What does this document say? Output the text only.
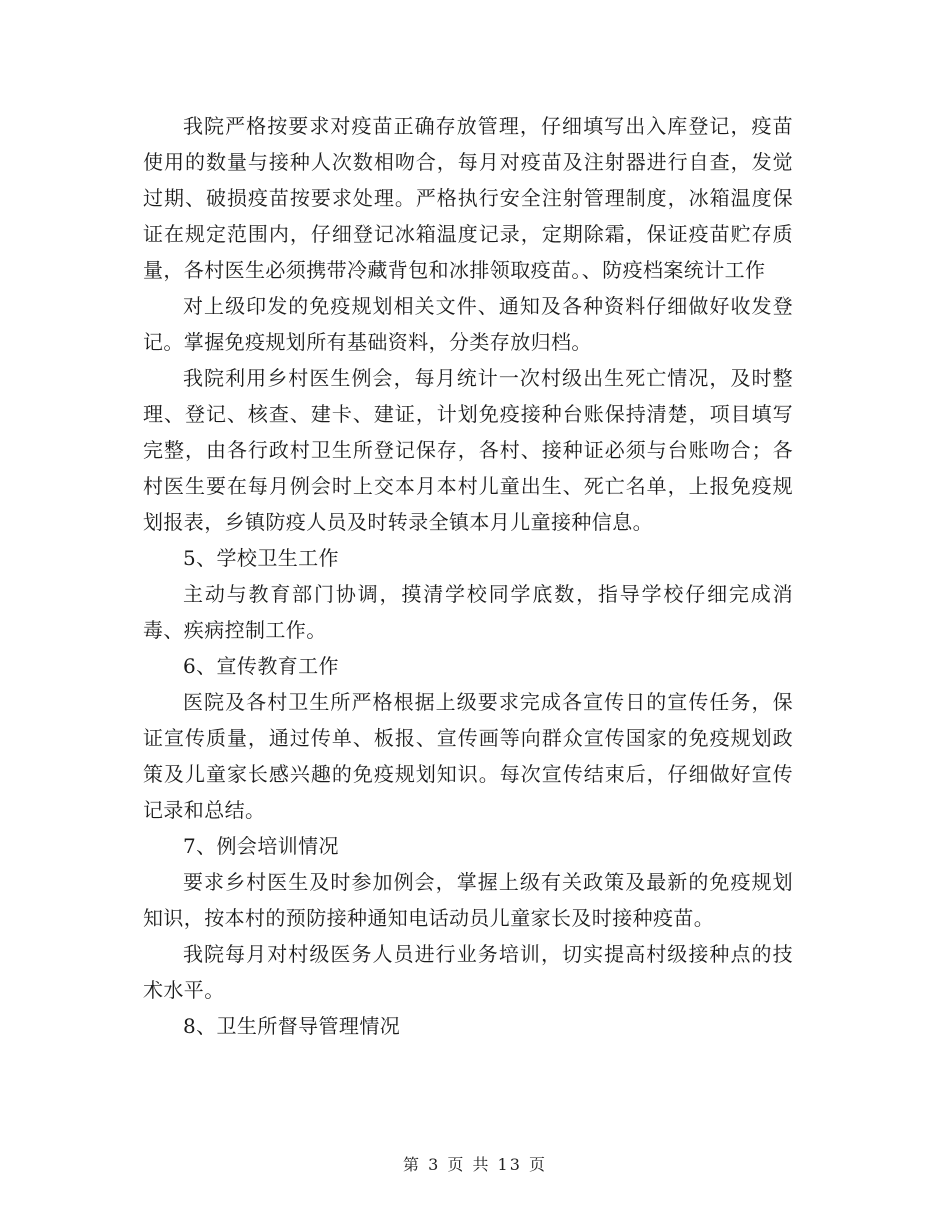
我院严格按要求对疫苗正确存放管理，仔细填写出入库登记，疫苗使用的数量与接种人次数相吻合，每月对疫苗及注射器进行自查，发觉过期、破损疫苗按要求处理。严格执行安全注射管理制度，冰箱温度保证在规定范围内，仔细登记冰箱温度记录，定期除霜，保证疫苗贮存质量，各村医生必须携带冷藏背包和冰排领取疫苗。、防疫档案统计工作

对上级印发的免疫规划相关文件、通知及各种资料仔细做好收发登记。掌握免疫规划所有基础资料，分类存放归档。

我院利用乡村医生例会，每月统计一次村级出生死亡情况，及时整理、登记、核查、建卡、建证，计划免疫接种台账保持清楚，项目填写完整，由各行政村卫生所登记保存，各村、接种证必须与台账吻合；各村医生要在每月例会时上交本月本村儿童出生、死亡名单，上报免疫规划报表，乡镇防疫人员及时转录全镇本月儿童接种信息。

5、学校卫生工作

主动与教育部门协调，摸清学校同学底数，指导学校仔细完成消毒、疾病控制工作。

6、宣传教育工作

医院及各村卫生所严格根据上级要求完成各宣传日的宣传任务，保证宣传质量，通过传单、板报、宣传画等向群众宣传国家的免疫规划政策及儿童家长感兴趣的免疫规划知识。每次宣传结束后，仔细做好宣传记录和总结。

7、例会培训情况

要求乡村医生及时参加例会，掌握上级有关政策及最新的免疫规划知识，按本村的预防接种通知电话动员儿童家长及时接种疫苗。

我院每月对村级医务人员进行业务培训，切实提高村级接种点的技术水平。

8、卫生所督导管理情况

第 3 页 共 13 页
